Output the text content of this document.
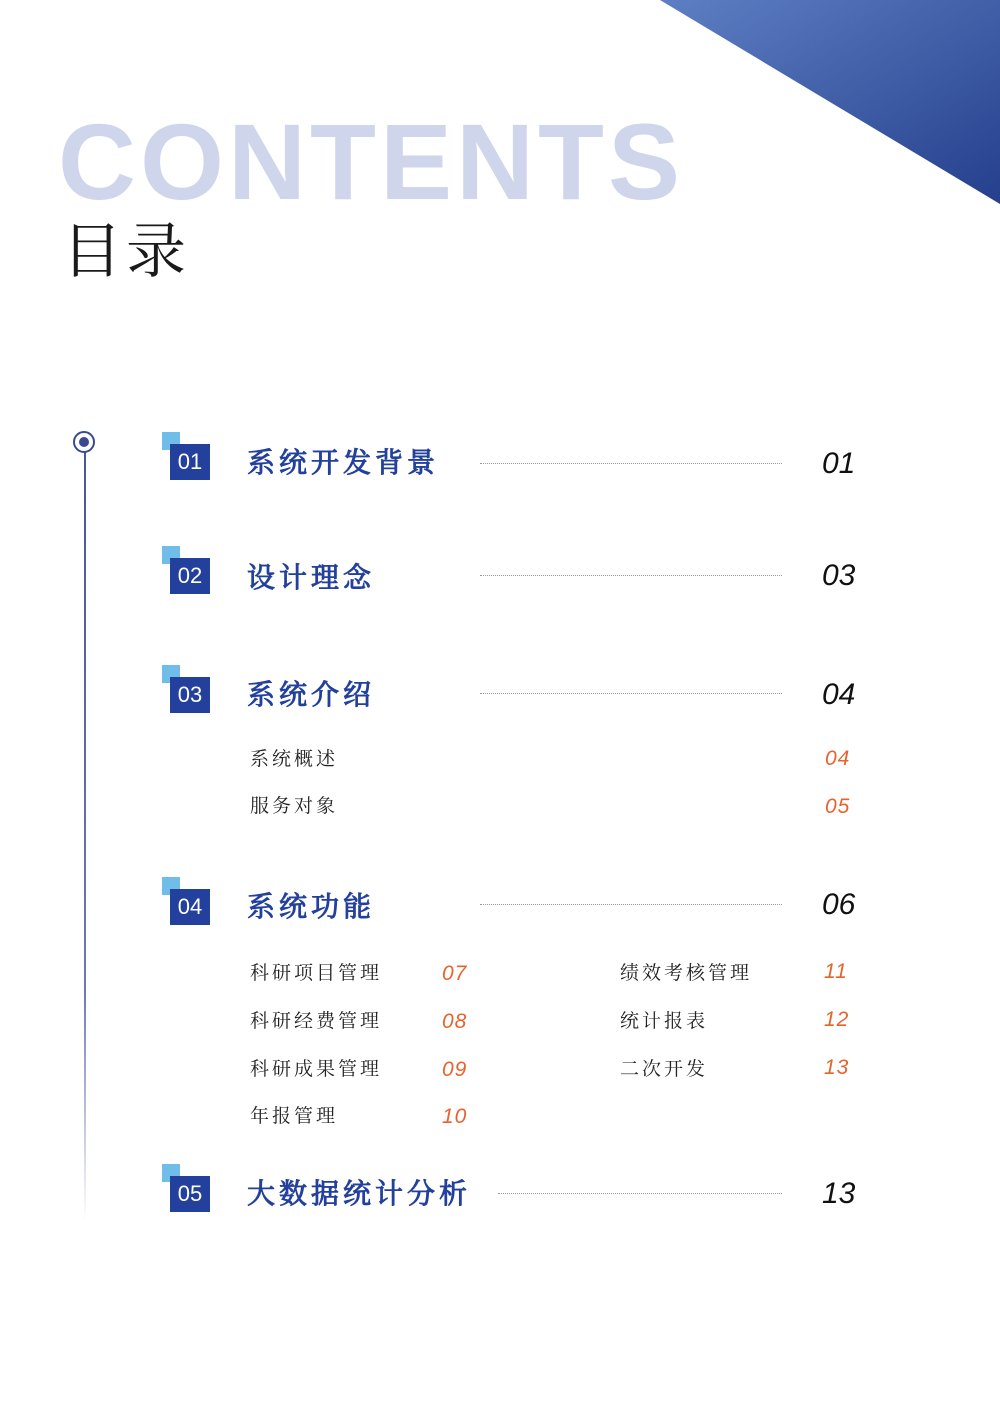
CONTENTS
目录
01 系统开发背景	01
02 设计理念	03
03 系统介绍	04
系统概述	04
服务对象	05
04 系统功能	06
科研项目管理	07
科研经费管理	08
科研成果管理	09
年报管理	10
绩效考核管理	11
统计报表	12
二次开发	13
05 大数据统计分析	13
